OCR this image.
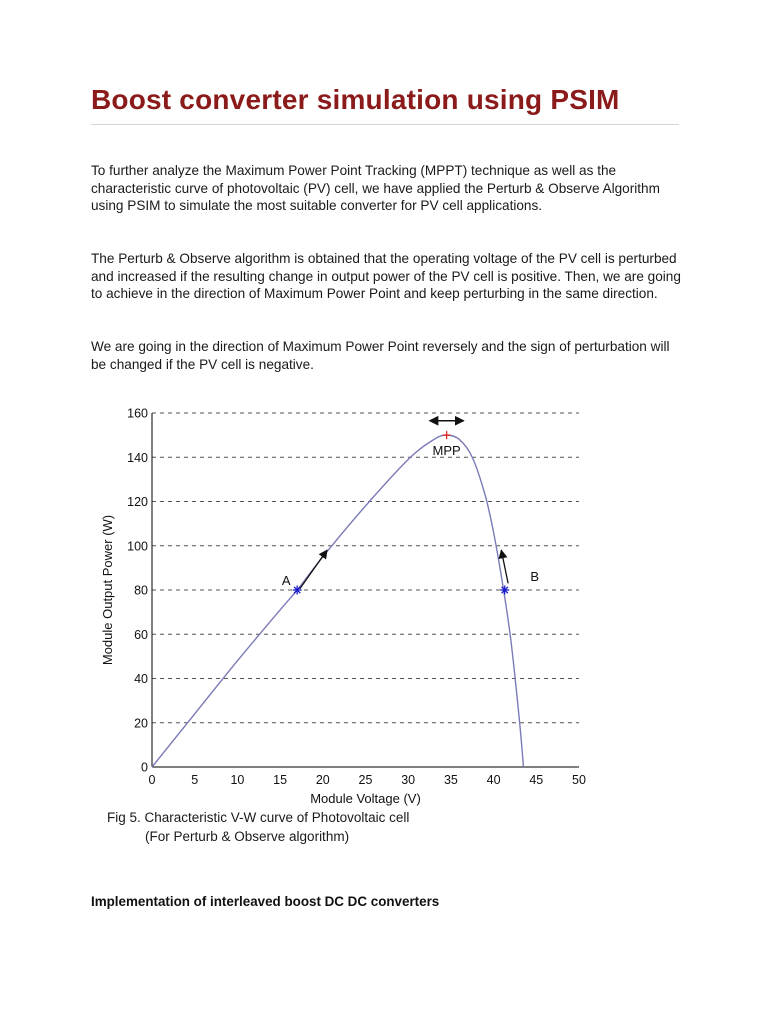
Boost converter simulation using PSIM

To further analyze the Maximum Power Point Tracking (MPPT) technique as well as the characteristic curve of photovoltaic (PV) cell, we have applied the Perturb & Observe Algorithm using PSIM to simulate the most suitable converter for PV cell applications.

The Perturb & Observe algorithm is obtained that the operating voltage of the PV cell is perturbed and increased if the resulting change in output power of the PV cell is positive. Then, we are going to achieve in the direction of Maximum Power Point and keep perturbing in the same direction.

We are going in the direction of Maximum Power Point reversely and the sign of perturbation will be changed if the PV cell is negative.

0
20
40
60
80
100
120
140
160
0	5	10 15 20 25 30 35 40 45 50
A	B
MPP
Module Voltage (V)
Module Output Power (W)
Fig 5. Characteristic V-W curve of Photovoltaic cell
(For Perturb & Observe algorithm)
Implementation of interleaved boost DC DC converters
